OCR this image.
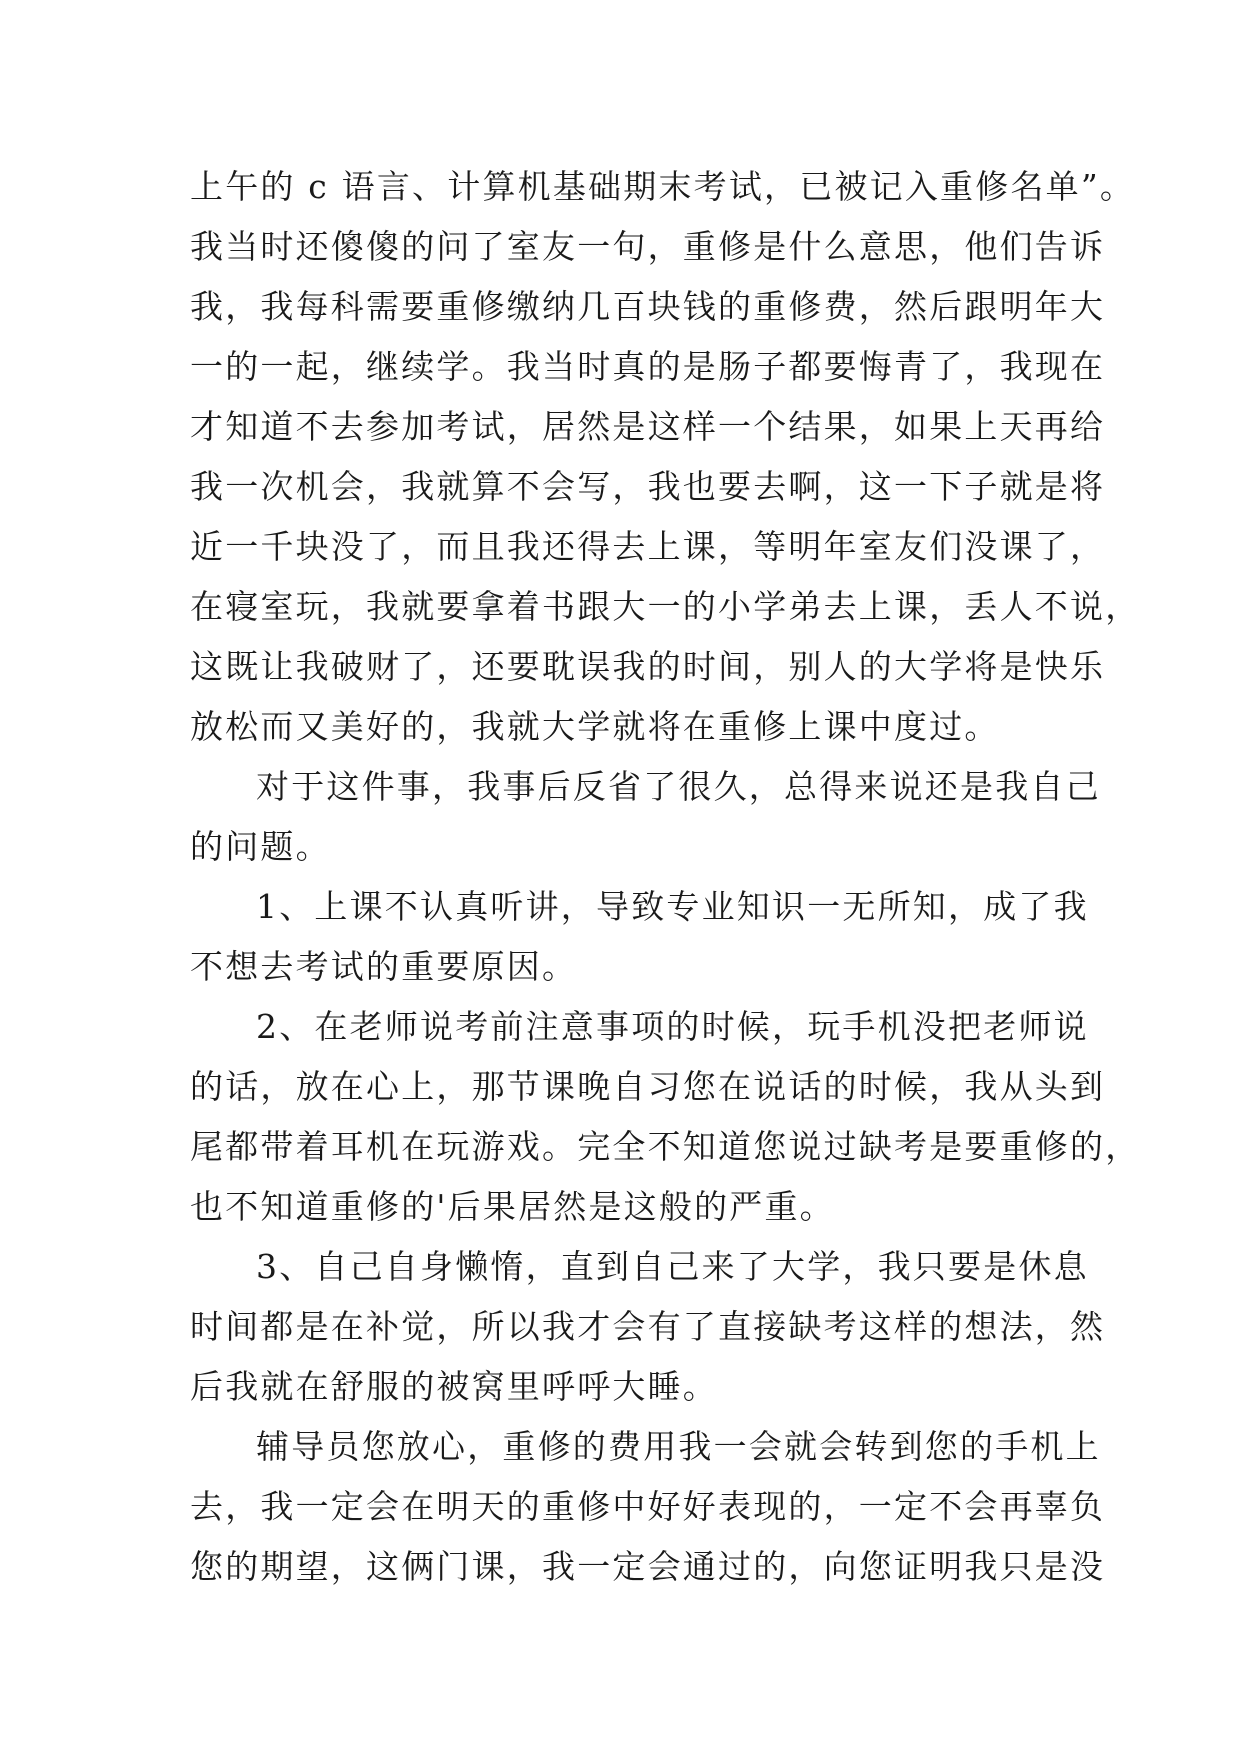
上午的 c 语言、计算机基础期末考试，已被记入重修名单”。
我当时还傻傻的问了室友一句，重修是什么意思，他们告诉
我，我每科需要重修缴纳几百块钱的重修费，然后跟明年大
一的一起，继续学。我当时真的是肠子都要悔青了，我现在
才知道不去参加考试，居然是这样一个结果，如果上天再给
我一次机会，我就算不会写，我也要去啊，这一下子就是将
近一千块没了，而且我还得去上课，等明年室友们没课了，
在寝室玩，我就要拿着书跟大一的小学弟去上课，丢人不说，
这既让我破财了，还要耽误我的时间，别人的大学将是快乐
放松而又美好的，我就大学就将在重修上课中度过。
对于这件事，我事后反省了很久，总得来说还是我自己
的问题。
1、上课不认真听讲，导致专业知识一无所知，成了我
不想去考试的重要原因。
2、在老师说考前注意事项的时候，玩手机没把老师说
的话，放在心上，那节课晚自习您在说话的时候，我从头到
尾都带着耳机在玩游戏。完全不知道您说过缺考是要重修的，
也不知道重修的'后果居然是这般的严重。
3、自己自身懒惰，直到自己来了大学，我只要是休息
时间都是在补觉，所以我才会有了直接缺考这样的想法，然
后我就在舒服的被窝里呼呼大睡。
辅导员您放心，重修的费用我一会就会转到您的手机上
去，我一定会在明天的重修中好好表现的，一定不会再辜负
您的期望，这俩门课，我一定会通过的，向您证明我只是没
